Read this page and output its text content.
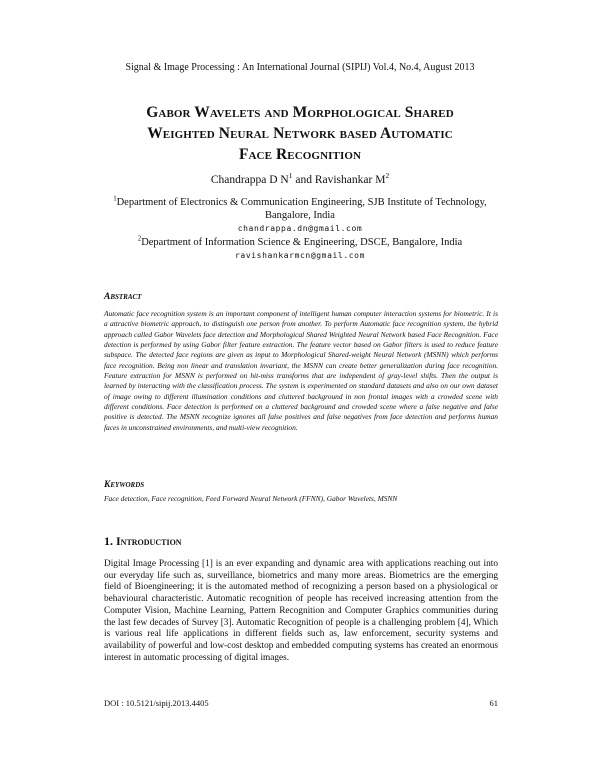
Signal & Image Processing : An International Journal (SIPIJ) Vol.4, No.4, August 2013
Gabor Wavelets and Morphological Shared
Weighted Neural Network based Automatic
Face Recognition
Chandrappa D $N^1$ and Ravishankar $M^2$
$^1$Department of Electronics & Communication Engineering, SJB Institute of Technology,
Bangalore, India
chandrappa.dn@gmail.com
$^2$Department of Information Science & Engineering, DSCE, Bangalore, India
ravishankarmcn@gmail.com
Abstract

Automatic face recognition system is an important component of intelligent human computer interaction systems for biometric. It is a attractive biometric approach, to distinguish one person from another. To perform Automatic face recognition system, the hybrid approach called Gabor Wavelets face detection and Morphological Shared Weighted Neural Network based Face Recognition. Face detection is performed by using Gabor filter feature extraction. The feature vector based on Gabor filters is used to reduce feature subspace. The detected face regions are given as input to Morphological Shared-weight Neural Network (MSNN) which performs face recognition. Being non linear and translation invariant, the MSNN can create better generalization during face recognition. Feature extraction for MSNN is performed on hit-miss transforms that are independent of gray-level shifts. Then the output is learned by interacting with the classification process. The system is experimented on standard datasets and also on our own dataset of image owing to different illumination conditions and cluttered background in non frontal images with a crowded scene with different conditions. Face detection is performed on a cluttered background and crowded scene where a false negative and false positive is detected. The MSNN recognize ignores all false positives and false negatives from face detection and performs human faces in unconstrained environments, and multi-view recognition.

Keywords

Face detection, Face recognition, Feed Forward Neural Network (FFNN), Gabor Wavelets, MSNN

1. Introduction

Digital Image Processing [1] is an ever expanding and dynamic area with applications reaching out into our everyday life such as, surveillance, biometrics and many more areas. Biometrics are the emerging field of Bioengineering; it is the automated method of recognizing a person based on a physiological or behavioural characteristic. Automatic recognition of people has received increasing attention from the Computer Vision, Machine Learning, Pattern Recognition and Computer Graphics communities during the last few decades of Survey [3]. Automatic Recognition of people is a challenging problem [4], Which is various real life applications in different fields such as, law enforcement, security systems and availability of powerful and low-cost desktop and embedded computing systems has created an enormous interest in automatic processing of digital images.

DOI : 10.5121/sipij.2013.4405	61
